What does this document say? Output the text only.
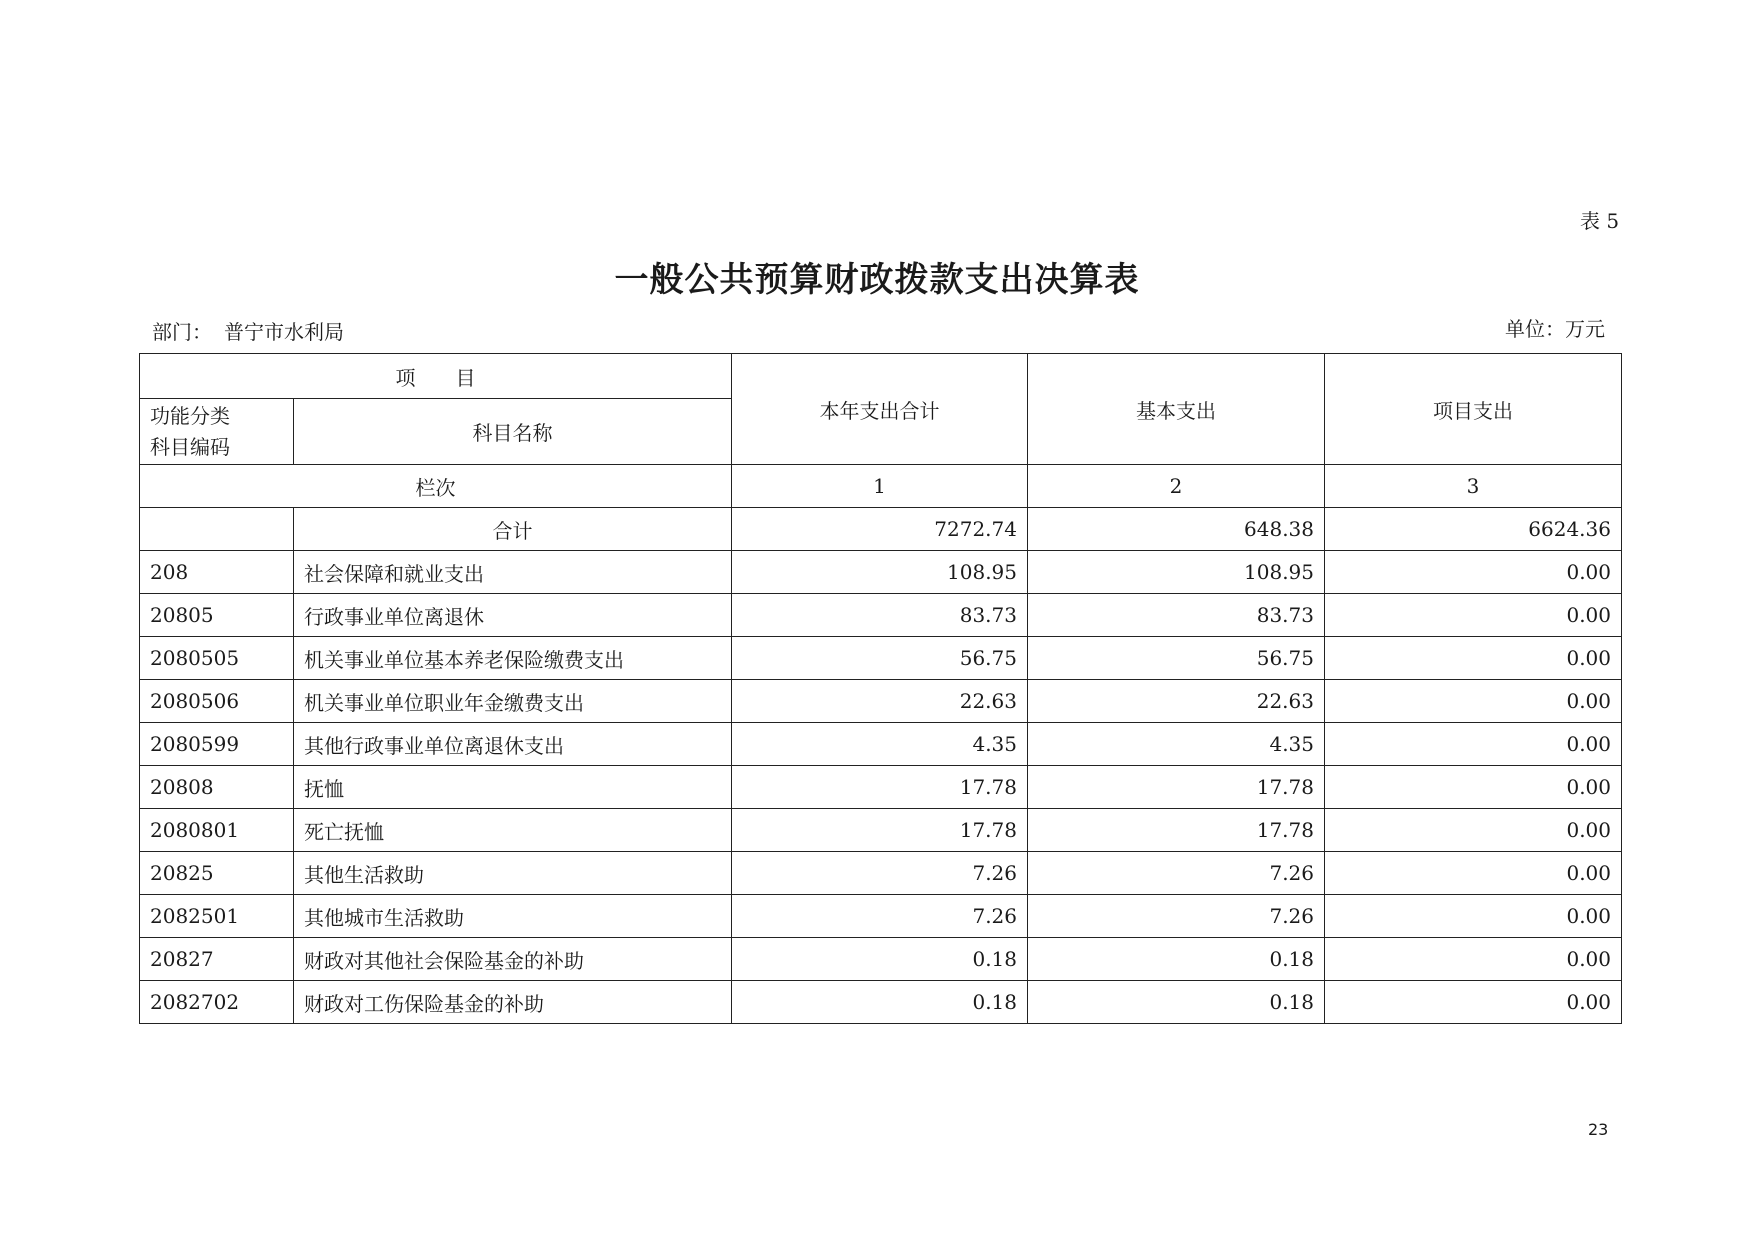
表 5
一般公共预算财政拨款支出决算表
部门： 普宁市水利局	单位：万元
项　　目		本年支出合计	基本支出	项目支出

功能分类
科目编码	科目名称			
栏次		1	2	3
	合计	7272.74	648.38	6624.36
208	社会保障和就业支出	108.95	108.95	0.00
20805	行政事业单位离退休	83.73	83.73	0.00
2080505	机关事业单位基本养老保险缴费支出	56.75	56.75	0.00
2080506	机关事业单位职业年金缴费支出	22.63	22.63	0.00
2080599	其他行政事业单位离退休支出	4.35	4.35	0.00
20808	抚恤	17.78	17.78	0.00
2080801	死亡抚恤	17.78	17.78	0.00
20825	其他生活救助	7.26	7.26	0.00
2082501	其他城市生活救助	7.26	7.26	0.00
20827	财政对其他社会保险基金的补助	0.18	0.18	0.00
2082702	财政对工伤保险基金的补助	0.18	0.18	0.00
23
